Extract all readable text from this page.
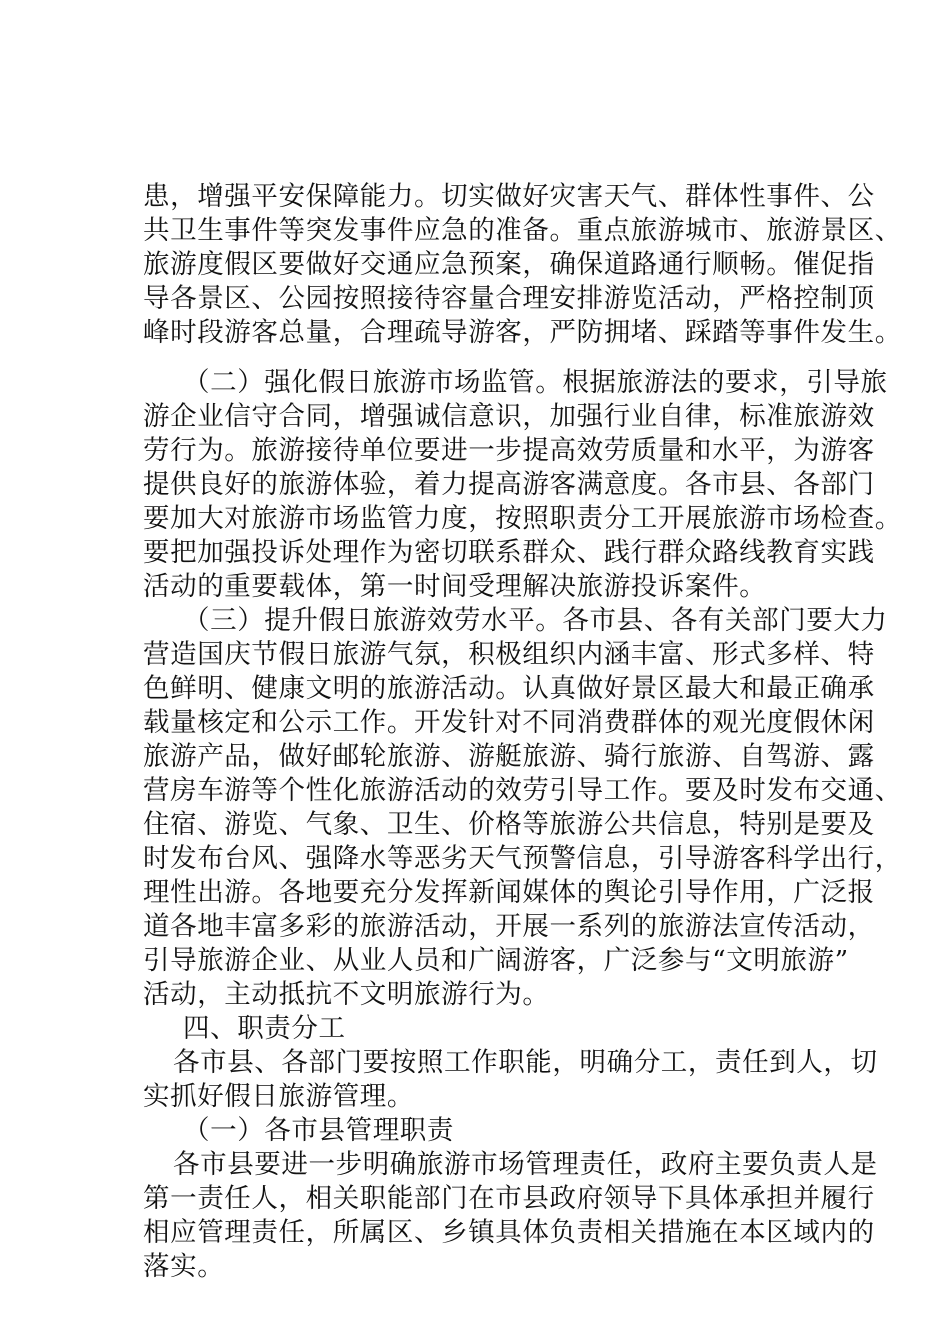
患，增强平安保障能力。切实做好灾害天气、群体性事件、公
共卫生事件等突发事件应急的准备。重点旅游城市、旅游景区、
旅游度假区要做好交通应急预案，确保道路通行顺畅。催促指
导各景区、公园按照接待容量合理安排游览活动，严格控制顶
峰时段游客总量，合理疏导游客，严防拥堵、踩踏等事件发生。
（二）强化假日旅游市场监管。根据旅游法的要求，引导旅
游企业信守合同，增强诚信意识，加强行业自律，标准旅游效
劳行为。旅游接待单位要进一步提高效劳质量和水平，为游客
提供良好的旅游体验，着力提高游客满意度。各市县、各部门
要加大对旅游市场监管力度，按照职责分工开展旅游市场检查。
要把加强投诉处理作为密切联系群众、践行群众路线教育实践
活动的重要载体，第一时间受理解决旅游投诉案件。
（三）提升假日旅游效劳水平。各市县、各有关部门要大力
营造国庆节假日旅游气氛，积极组织内涵丰富、形式多样、特
色鲜明、健康文明的旅游活动。认真做好景区最大和最正确承
载量核定和公示工作。开发针对不同消费群体的观光度假休闲
旅游产品，做好邮轮旅游、游艇旅游、骑行旅游、自驾游、露
营房车游等个性化旅游活动的效劳引导工作。要及时发布交通、
住宿、游览、气象、卫生、价格等旅游公共信息，特别是要及
时发布台风、强降水等恶劣天气预警信息，引导游客科学出行，
理性出游。各地要充分发挥新闻媒体的舆论引导作用，广泛报
道各地丰富多彩的旅游活动，开展一系列的旅游法宣传活动，
引导旅游企业、从业人员和广阔游客，广泛参与“文明旅游”
活动，主动抵抗不文明旅游行为。
四、职责分工
各市县、各部门要按照工作职能，明确分工，责任到人，切
实抓好假日旅游管理。
（一）各市县管理职责
各市县要进一步明确旅游市场管理责任，政府主要负责人是
第一责任人，相关职能部门在市县政府领导下具体承担并履行
相应管理责任，所属区、乡镇具体负责相关措施在本区域内的
落实。
